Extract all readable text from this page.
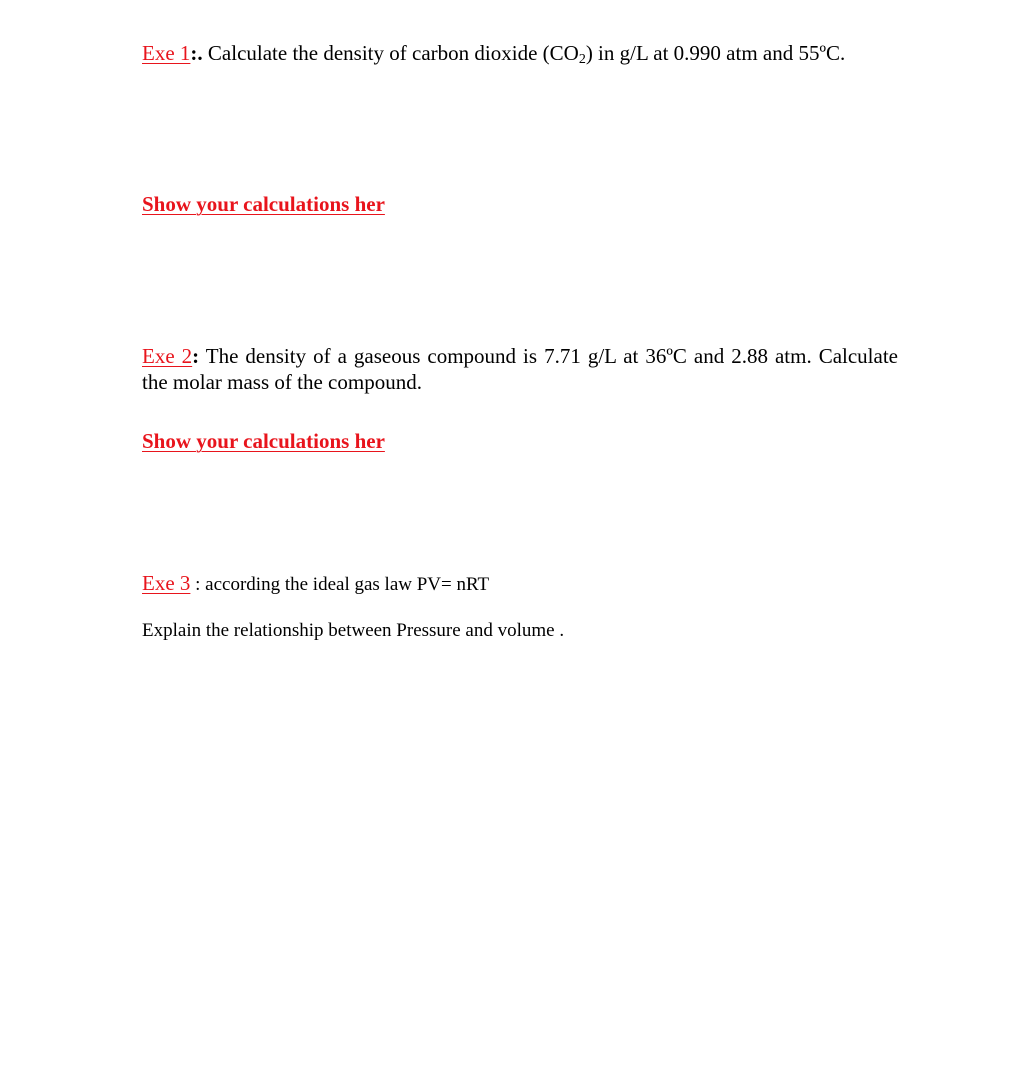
Exe 1:. Calculate the density of carbon dioxide $(CO_2)$ in g/L at 0.990 atm and 55ºC.
Show your calculations her
Exe 2: The density of a gaseous compound is 7.71 g/L at 36ºC and 2.88 atm. Calculate the molar mass of the compound.
Show your calculations her
Exe 3 : according the ideal gas law PV= nRT
Explain the relationship between Pressure and volume .
